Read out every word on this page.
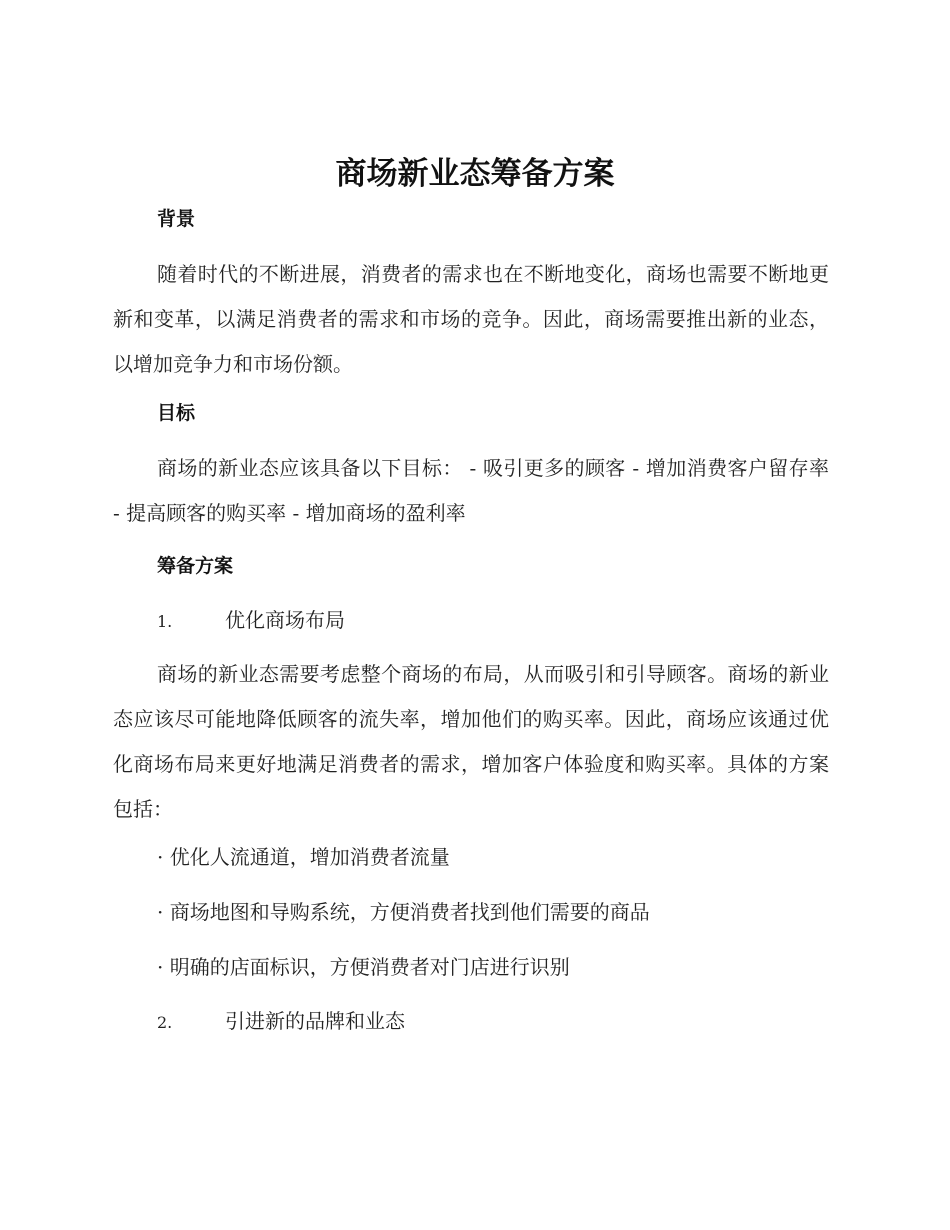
商场新业态筹备方案
背景
随着时代的不断进展，消费者的需求也在不断地变化，商场也需要不断地更新和变革，以满足消费者的需求和市场的竞争。因此，商场需要推出新的业态，以增加竞争力和市场份额。
目标
商场的新业态应该具备以下目标： - 吸引更多的顾客 - 增加消费客户留存率 - 提高顾客的购买率 - 增加商场的盈利率
筹备方案
1.	优化商场布局
商场的新业态需要考虑整个商场的布局，从而吸引和引导顾客。商场的新业态应该尽可能地降低顾客的流失率，增加他们的购买率。因此，商场应该通过优化商场布局来更好地满足消费者的需求，增加客户体验度和购买率。具体的方案包括：
· 优化人流通道，增加消费者流量
· 商场地图和导购系统，方便消费者找到他们需要的商品
· 明确的店面标识，方便消费者对门店进行识别
2.	引进新的品牌和业态
